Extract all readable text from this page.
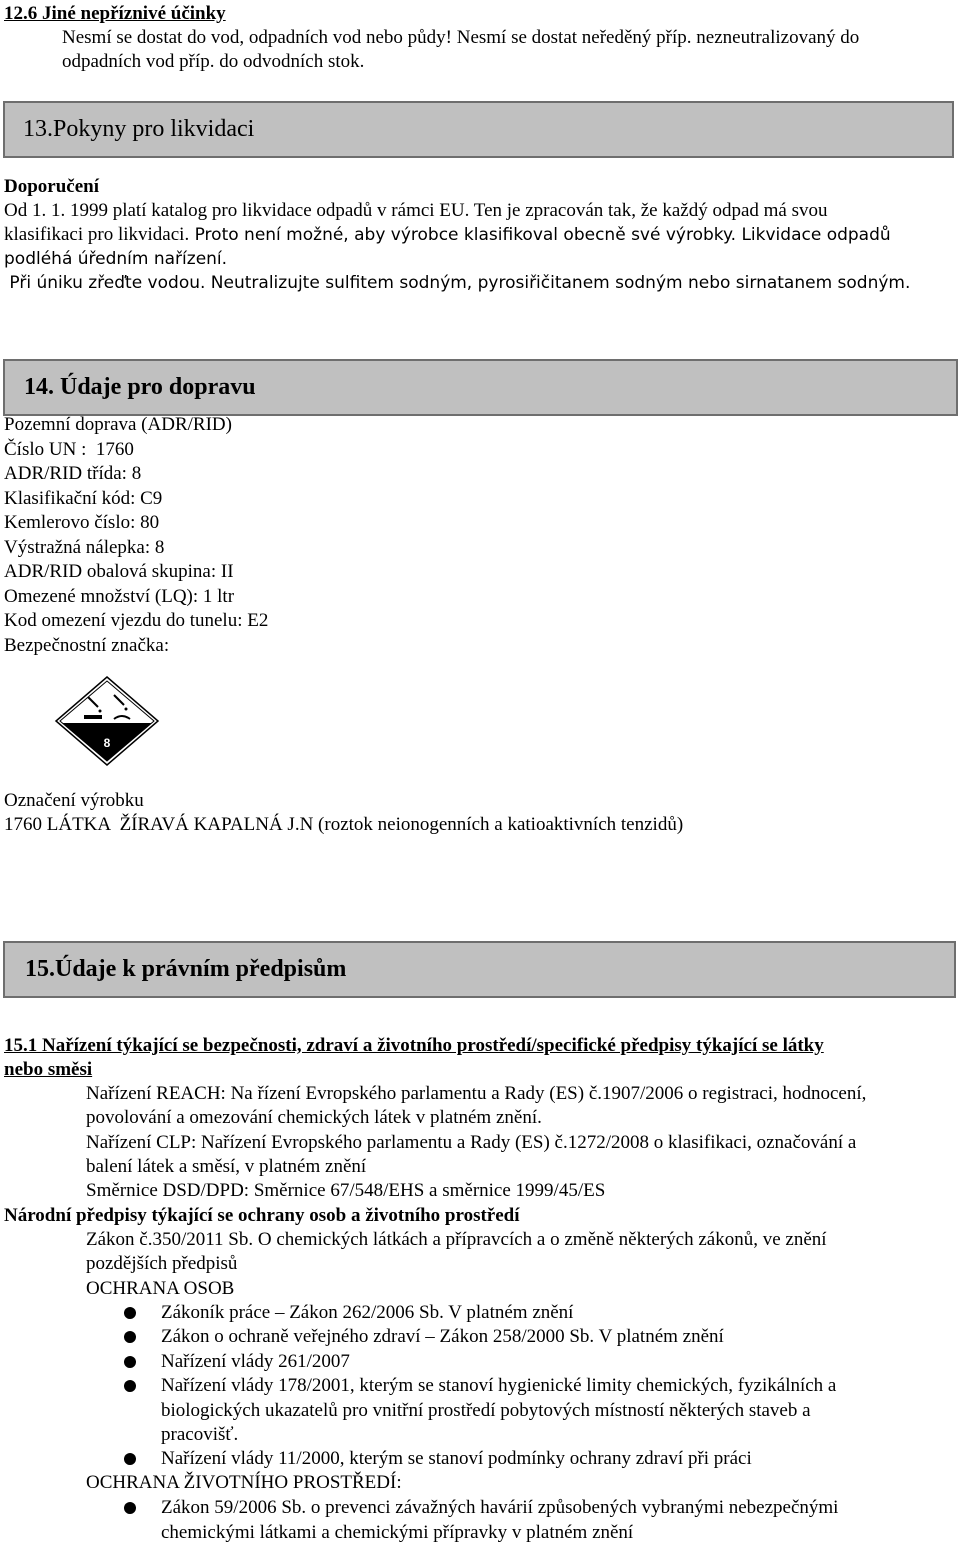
12.6 Jiné nepříznivé účinky
Nesmí se dostat do vod, odpadních vod nebo půdy! Nesmí se dostat neředěný příp. nezneutralizovaný do
odpadních vod příp. do odvodních stok.
13.Pokyny pro likvidaci
Doporučení
Od 1. 1. 1999 platí katalog pro likvidace odpadů v rámci EU. Ten je zpracován tak, že každý odpad má svou
klasifikaci pro likvidaci. Proto není možné, aby výrobce klasifikoval obecně své výrobky. Likvidace odpadů
podléhá úředním nařízení.
Při úniku zřeďte vodou. Neutralizujte sulfitem sodným, pyrosiřičitanem sodným nebo sirnatanem sodným.
14. Údaje pro dopravu
Pozemní doprava (ADR/RID)
Číslo UN :  1760
ADR/RID třída: 8
Klasifikační kód: C9
Kemlerovo číslo: 80
Výstražná nálepka: 8
ADR/RID obalová skupina: II
Omezené množství (LQ): 1 ltr
Kod omezení vjezdu do tunelu: E2
Bezpečnostní značka:
8
Označení výrobku
1760 LÁTKA  ŽÍRAVÁ KAPALNÁ J.N (roztok neionogenních a katioaktivních tenzidů)
15.Údaje k právním předpisům
15.1 Nařízení týkající se bezpečnosti, zdraví a životního prostředí/specifické předpisy týkající se látky
nebo směsi
Nařízení REACH: Na řízení Evropského parlamentu a Rady (ES) č.1907/2006 o registraci, hodnocení,
povolování a omezování chemických látek v platném znění.
Nařízení CLP: Nařízení Evropského parlamentu a Rady (ES) č.1272/2008 o klasifikaci, označování a
balení látek a směsí, v platném znění
Směrnice DSD/DPD: Směrnice 67/548/EHS a směrnice 1999/45/ES
Národní předpisy týkající se ochrany osob a životního prostředí
Zákon č.350/2011 Sb. O chemických látkách a přípravcích a o změně některých zákonů, ve znění
pozdějších předpisů
OCHRANA OSOB
Zákoník práce – Zákon 262/2006 Sb. V platném znění
Zákon o ochraně veřejného zdraví – Zákon 258/2000 Sb. V platném znění
Nařízení vlády 261/2007
Nařízení vlády 178/2001, kterým se stanoví hygienické limity chemických, fyzikálních a
biologických ukazatelů pro vnitřní prostředí pobytových místností některých staveb a
pracovišť.
Nařízení vlády 11/2000, kterým se stanoví podmínky ochrany zdraví při práci
OCHRANA ŽIVOTNÍHO PROSTŘEDÍ:
Zákon 59/2006 Sb. o prevenci závažných havárií způsobených vybranými nebezpečnými
chemickými látkami a chemickými přípravky v platném znění
